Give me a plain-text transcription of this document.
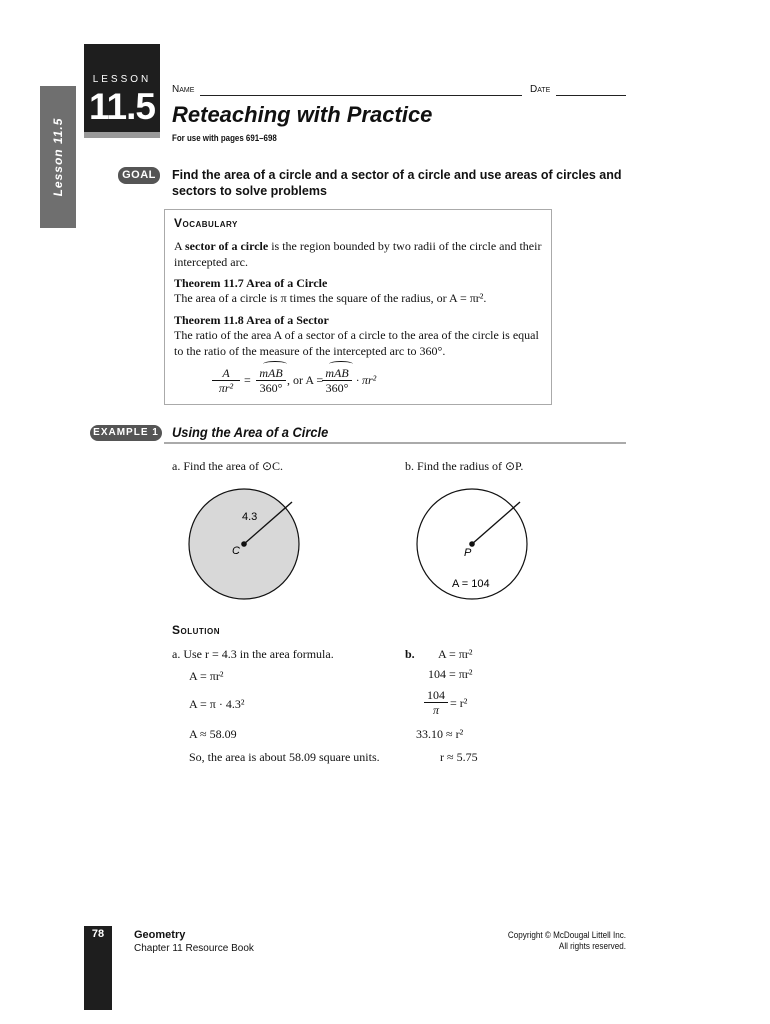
Lesson 11.5
LESSON
11.5	Name	Date
Reteaching with Practice
For use with pages 691–698
GOAL	Find the area of a circle and a sector of a circle and use areas of circles and sectors to solve problems
Vocabulary
A sector of a circle is the region bounded by two radii of the circle and their intercepted arc.
Theorem 11.7 Area of a Circle
The area of a circle is π times the square of the radius, or A = πr².
Theorem 11.8 Area of a Sector
The ratio of the area A of a sector of a circle to the area of the circle is equal to the ratio of the measure of the intercepted arc to 360°.
$\frac{A}{\text{πr²}}$ = mAB
360°
, or A = mAB
360°
· πr²
EXAMPLE 1 Using the Area of a Circle
a. Find the area of ⊙C.	b. Find the radius of ⊙P.
4.3
C	P
A = 104
Solution
a. Use r = 4.3 in the area formula.
A = πr²
A = π · 4.3²
A ≈ 58.09
So, the area is about 58.09 square units.
b. A = πr²
104 = πr²
$\frac{104}{\pi} = r^2$
33.10 ≈ r²
r ≈ 5.75
78	Geometry
Chapter 11 Resource Book
Copyright © McDougal Littell Inc.
All rights reserved.
